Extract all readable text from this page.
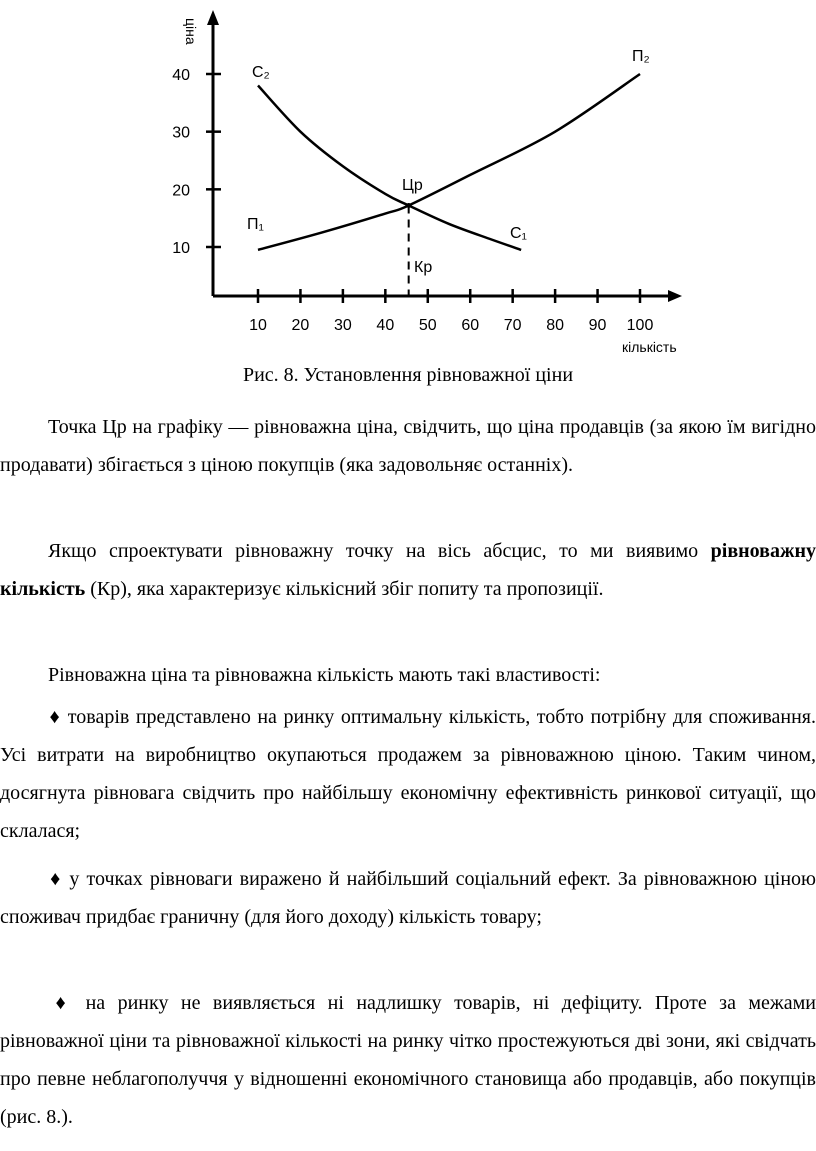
10 20 30 40 50 60 70 80 90 100
10
20
30
40
ціна
кількість
С₂
С₁
П₁
П₂
Цр
Кр
Рис. 8. Установлення рівноважної ціни

Точка Цр на графіку — рівноважна ціна, свідчить, що ціна продавців (за якою їм вигідно продавати) збігається з ціною покупців (яка задовольняє останніх).

Якщо спроектувати рівноважну точку на вісь абсцис, то ми виявимо рівноважну кількість (Кр), яка характеризує кількісний збіг попиту та пропозиції.

Рівноважна ціна та рівноважна кількість мають такі властивості:

♦ товарів представлено на ринку оптимальну кількість, тобто потрібну для споживання. Усі витрати на виробництво окупаються продажем за рівноважною ціною. Таким чином, досягнута рівновага свідчить про найбільшу економічну ефективність ринкової ситуації, що склалася;

♦ у точках рівноваги виражено й найбільший соціальний ефект. За рівноважною ціною споживач придбає граничну (для його доходу) кількість товару;

♦ на ринку не виявляється ні надлишку товарів, ні дефіциту. Проте за межами рівноважної ціни та рівноважної кількості на ринку чітко простежуються дві зони, які свідчать про певне неблагополуччя у відношенні економічного становища або продавців, або покупців (рис. 8.).
